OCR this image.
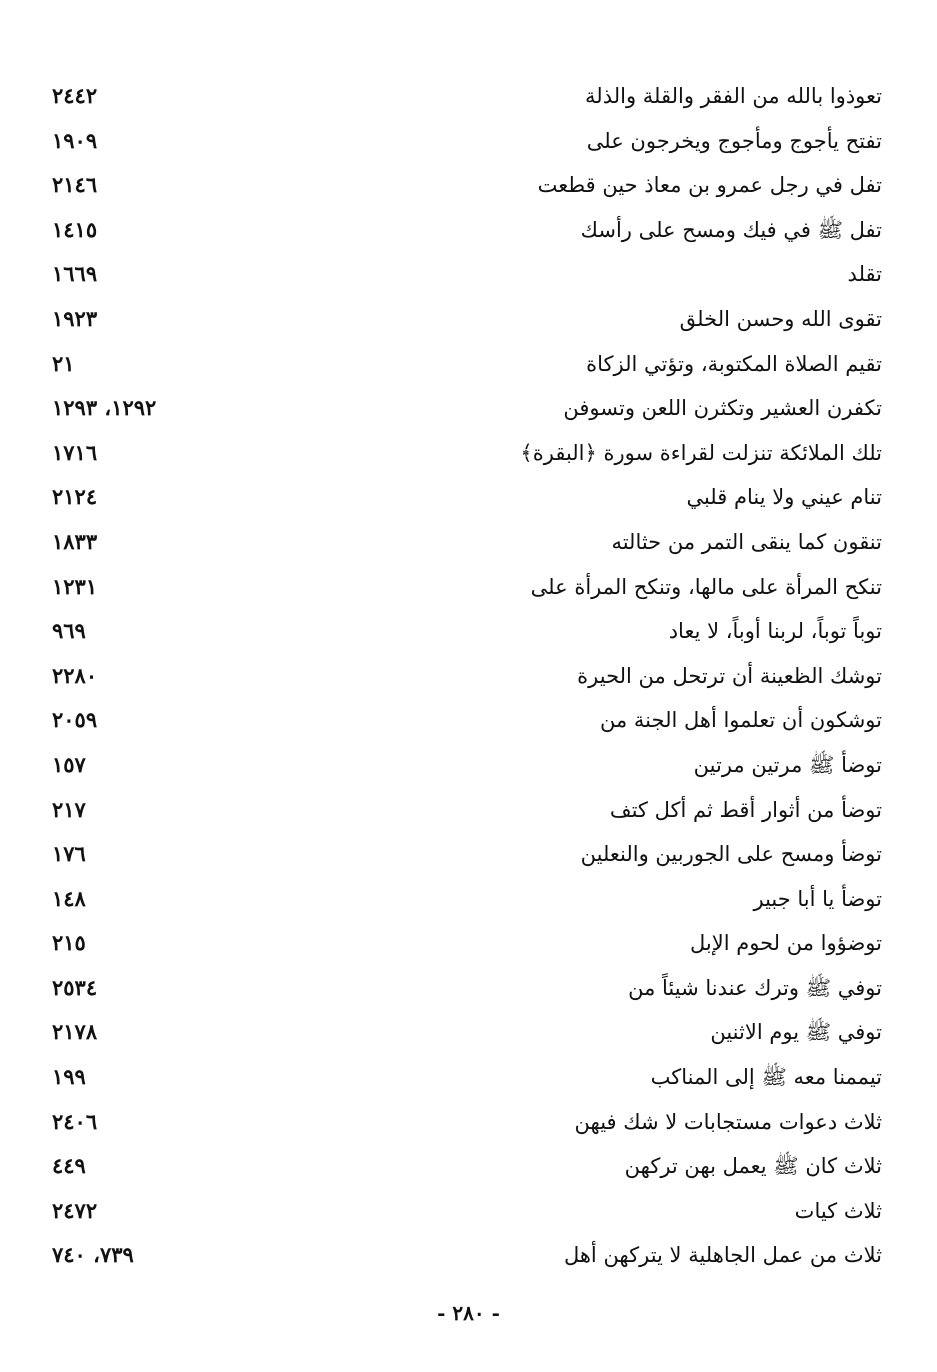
تعوذوا بالله من الفقر والقلة والذلة
٢٤٤٢
تفتح يأجوج ومأجوج ويخرجون على
١٩٠٩
تفل في رجل عمرو بن معاذ حين قطعت
٢١٤٦
تفل ﷺ في فيك ومسح على رأسك
١٤١٥
تقلد
١٦٦٩
تقوى الله وحسن الخلق
١٩٢٣
تقيم الصلاة المكتوبة، وتؤتي الزكاة
٢١
تكفرن العشير وتكثرن اللعن وتسوفن
١٢٩٢، ١٢٩٣
تلك الملائكة تنزلت لقراءة سورة ﴿البقرة﴾
١٧١٦
تنام عيني ولا ينام قلبي
٢١٢٤
تنقون كما ينقى التمر من حثالته
١٨٣٣
تنكح المرأة على مالها، وتنكح المرأة على
١٢٣١
توباً توباً، لربنا أوباً، لا يعاد
٩٦٩
توشك الظعينة أن ترتحل من الحيرة
٢٢٨٠
توشكون أن تعلموا أهل الجنة من
٢٠٥٩
توضأ ﷺ مرتين مرتين
١٥٧
توضأ من أثوار أقط ثم أكل كتف
٢١٧
توضأ ومسح على الجوربين والنعلين
١٧٦
توضأ يا أبا جبير
١٤٨
توضؤوا من لحوم الإبل
٢١٥
توفي ﷺ وترك عندنا شيئاً من
٢٥٣٤
توفي ﷺ يوم الاثنين
٢١٧٨
تيممنا معه ﷺ إلى المناكب
١٩٩
ثلاث دعوات مستجابات لا شك فيهن
٢٤٠٦
ثلاث كان ﷺ يعمل بهن تركهن
٤٤٩
ثلاث كيات
٢٤٧٢
ثلاث من عمل الجاهلية لا يتركهن أهل
٧٣٩، ٧٤٠
- ٢٨٠ -
